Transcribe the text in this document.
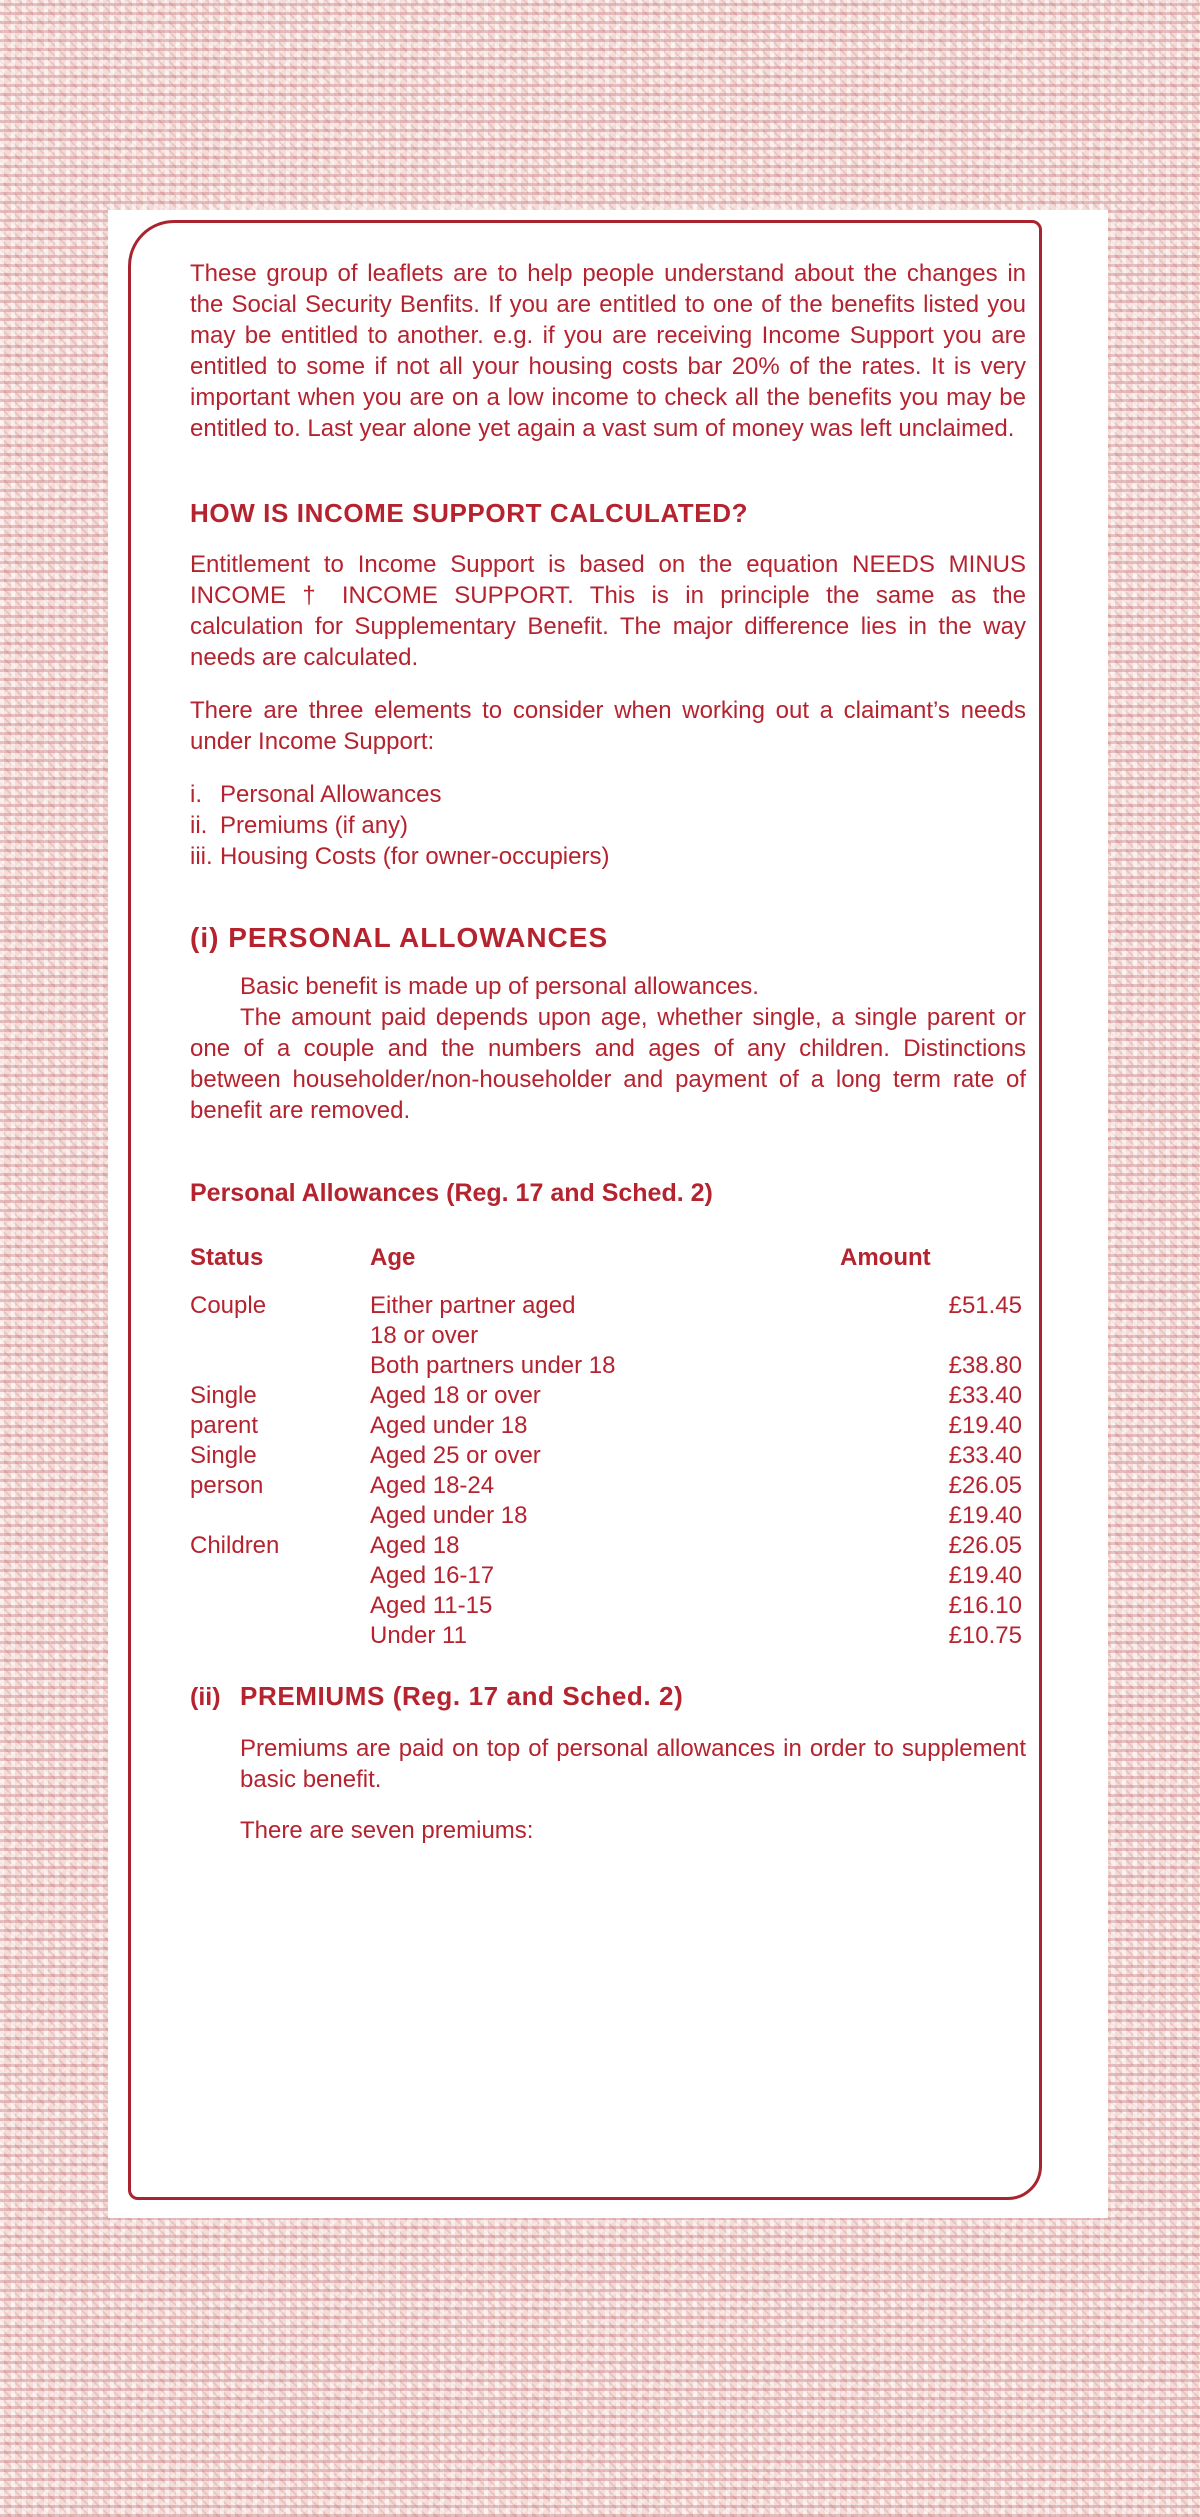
These group of leaflets are to help people understand about the changes in the Social Security Benfits. If you are entitled to one of the benefits listed you may be entitled to another. e.g. if you are receiving Income Support you are entitled to some if not all your housing costs bar 20% of the rates. It is very important when you are on a low income to check all the benefits you may be entitled to. Last year alone yet again a vast sum of money was left unclaimed.

HOW IS INCOME SUPPORT CALCULATED?

Entitlement to Income Support is based on the equation NEEDS MINUS INCOME † INCOME SUPPORT. This is in principle the same as the calculation for Supplementary Benefit. The major difference lies in the way needs are calculated.

There are three elements to consider when working out a claimant’s needs under Income Support:

i. Personal Allowances
ii. Premiums (if any)
iii. Housing Costs (for owner-occupiers)

(i) PERSONAL ALLOWANCES

Basic benefit is made up of personal allowances.

The amount paid depends upon age, whether single, a single parent or one of a couple and the numbers and ages of any children. Distinctions between householder/non-householder and payment of a long term rate of benefit are removed.

Personal Allowances (Reg. 17 and Sched. 2)

Status	Age	Amount
Couple	Either partner aged	£51.45
	18 or over	
	Both partners under 18	£38.80
Single	Aged 18 or over	£33.40
parent	Aged under 18	£19.40
Single	Aged 25 or over	£33.40
person	Aged 18-24	£26.05
	Aged under 18	£19.40
Children	Aged 18	£26.05
	Aged 16-17	£19.40
	Aged 11-15	£16.10
	Under 11	£10.75
(ii) PREMIUMS (Reg. 17 and Sched. 2)

Premiums are paid on top of personal allowances in order to supplement basic benefit.

There are seven premiums:
